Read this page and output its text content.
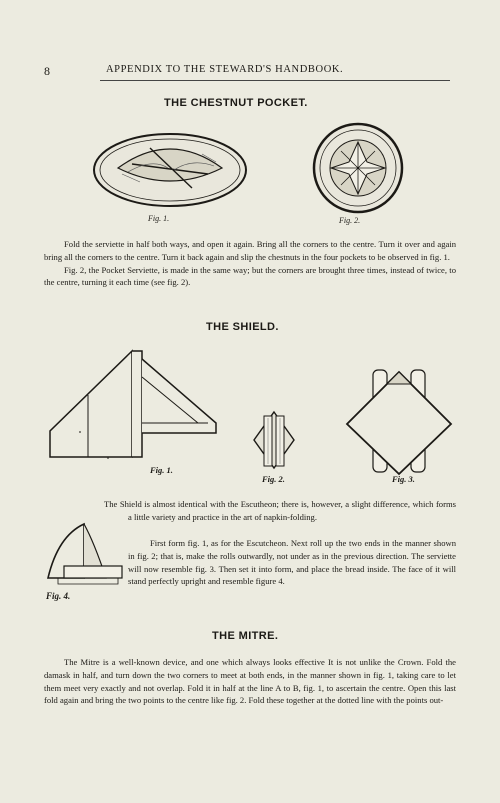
8	APPENDIX TO THE STEWARD'S HANDBOOK.
THE CHESTNUT POCKET.
Fig. 1.	Fig. 2.

Fold the serviette in half both ways, and open it again. Bring all the corners to the centre. Turn it over and again bring all the corners to the centre. Turn it back again and slip the chestnuts in the four pockets to be observed in fig. 1.

Fig. 2, the Pocket Serviette, is made in the same way; but the corners are brought three times, instead of twice, to the centre, turning it each time (see fig. 2).

THE SHIELD.
Fig. 1.
Fig. 2.	Fig. 3.

The Shield is almost identical with the Escutheon; there is, however, a slight difference, which forms a little variety and practice in the art of napkin-folding.

Fig. 4.

First form fig. 1, as for the Escutcheon. Next roll up the two ends in the manner shown in fig. 2; that is, make the rolls outwardly, not under as in the previous direction. The serviette will now resemble fig. 3. Then set it into form, and place the bread inside. The face of it will stand perfectly upright and resemble figure 4.

THE MITRE.

The Mitre is a well-known device, and one which always looks effective It is not unlike the Crown. Fold the damask in half, and turn down the two corners to meet at both ends, in the manner shown in fig. 1, taking care to let them meet very exactly and not overlap. Fold it in half at the line A to B, fig. 1, to ascertain the centre. Open this last fold again and bring the two points to the centre like fig. 2. Fold these together at the dotted line with the points out-
